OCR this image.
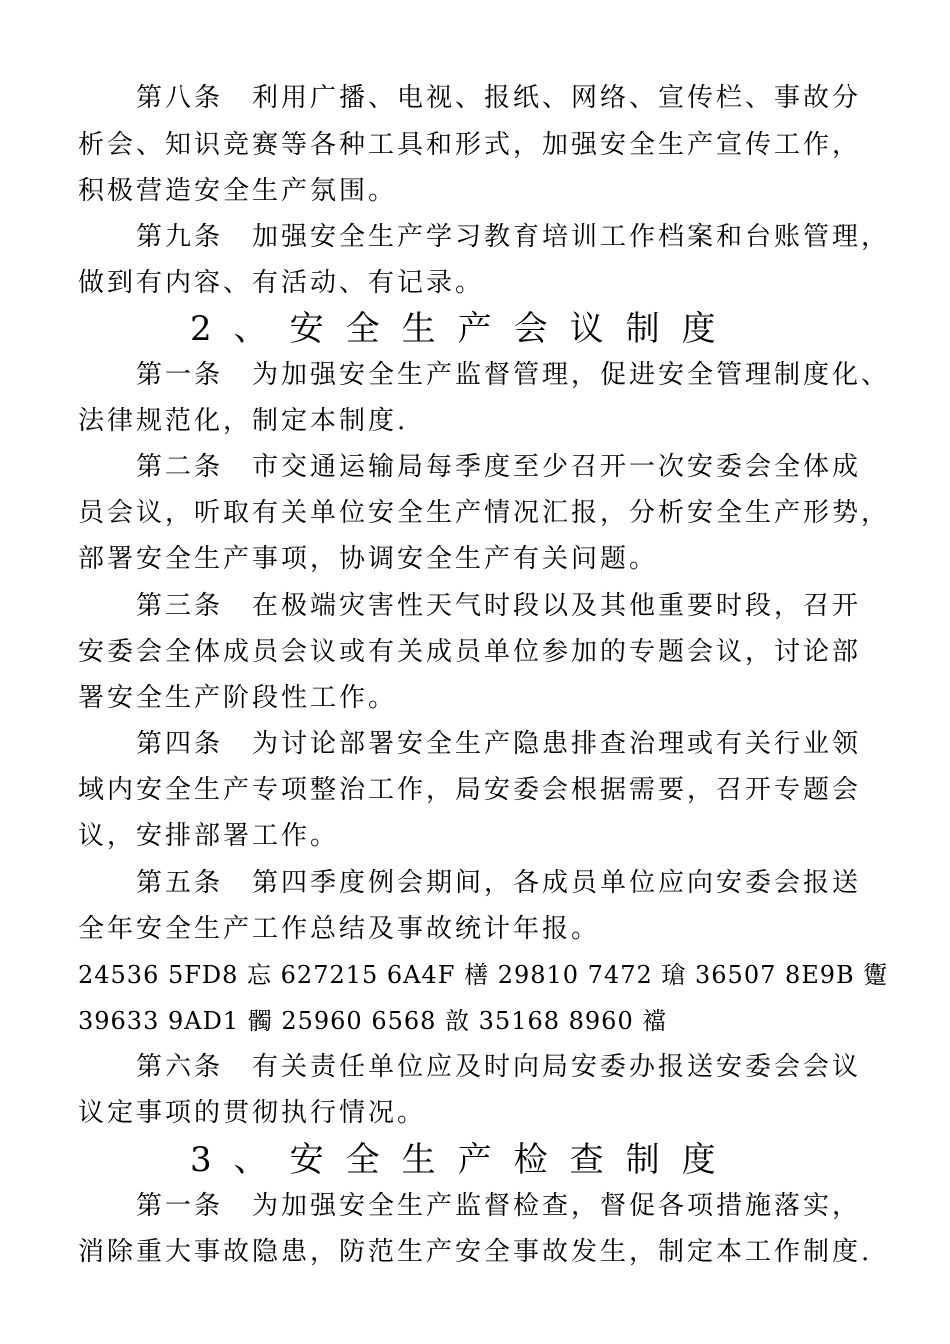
第八条　利用广播、电视、报纸、网络、宣传栏、事故分
析会、知识竞赛等各种工具和形式，加强安全生产宣传工作，
积极营造安全生产氛围。
第九条　加强安全生产学习教育培训工作档案和台账管理，
做到有内容、有活动、有记录。
2、安全生产会议制度
第一条　为加强安全生产监督管理，促进安全管理制度化、
法律规范化，制定本制度.
第二条　市交通运输局每季度至少召开一次安委会全体成
员会议，听取有关单位安全生产情况汇报，分析安全生产形势，
部署安全生产事项，协调安全生产有关问题。
第三条　在极端灾害性天气时段以及其他重要时段，召开
安委会全体成员会议或有关成员单位参加的专题会议，讨论部
署安全生产阶段性工作。
第四条　为讨论部署安全生产隐患排查治理或有关行业领
域内安全生产专项整治工作，局安委会根据需要，召开专题会
议，安排部署工作。
第五条　第四季度例会期间，各成员单位应向安委会报送
全年安全生产工作总结及事故统计年报。
24536 5FD8 忘 627215 6A4F 橏 29810 7472 瑲 36507 8E9B 躛
39633 9AD1 髑 25960 6568 敨 35168 8960 襠
第六条　有关责任单位应及时向局安委办报送安委会会议
议定事项的贯彻执行情况。
3、安全生产检查制度
第一条　为加强安全生产监督检查，督促各项措施落实，
消除重大事故隐患，防范生产安全事故发生，制定本工作制度.
